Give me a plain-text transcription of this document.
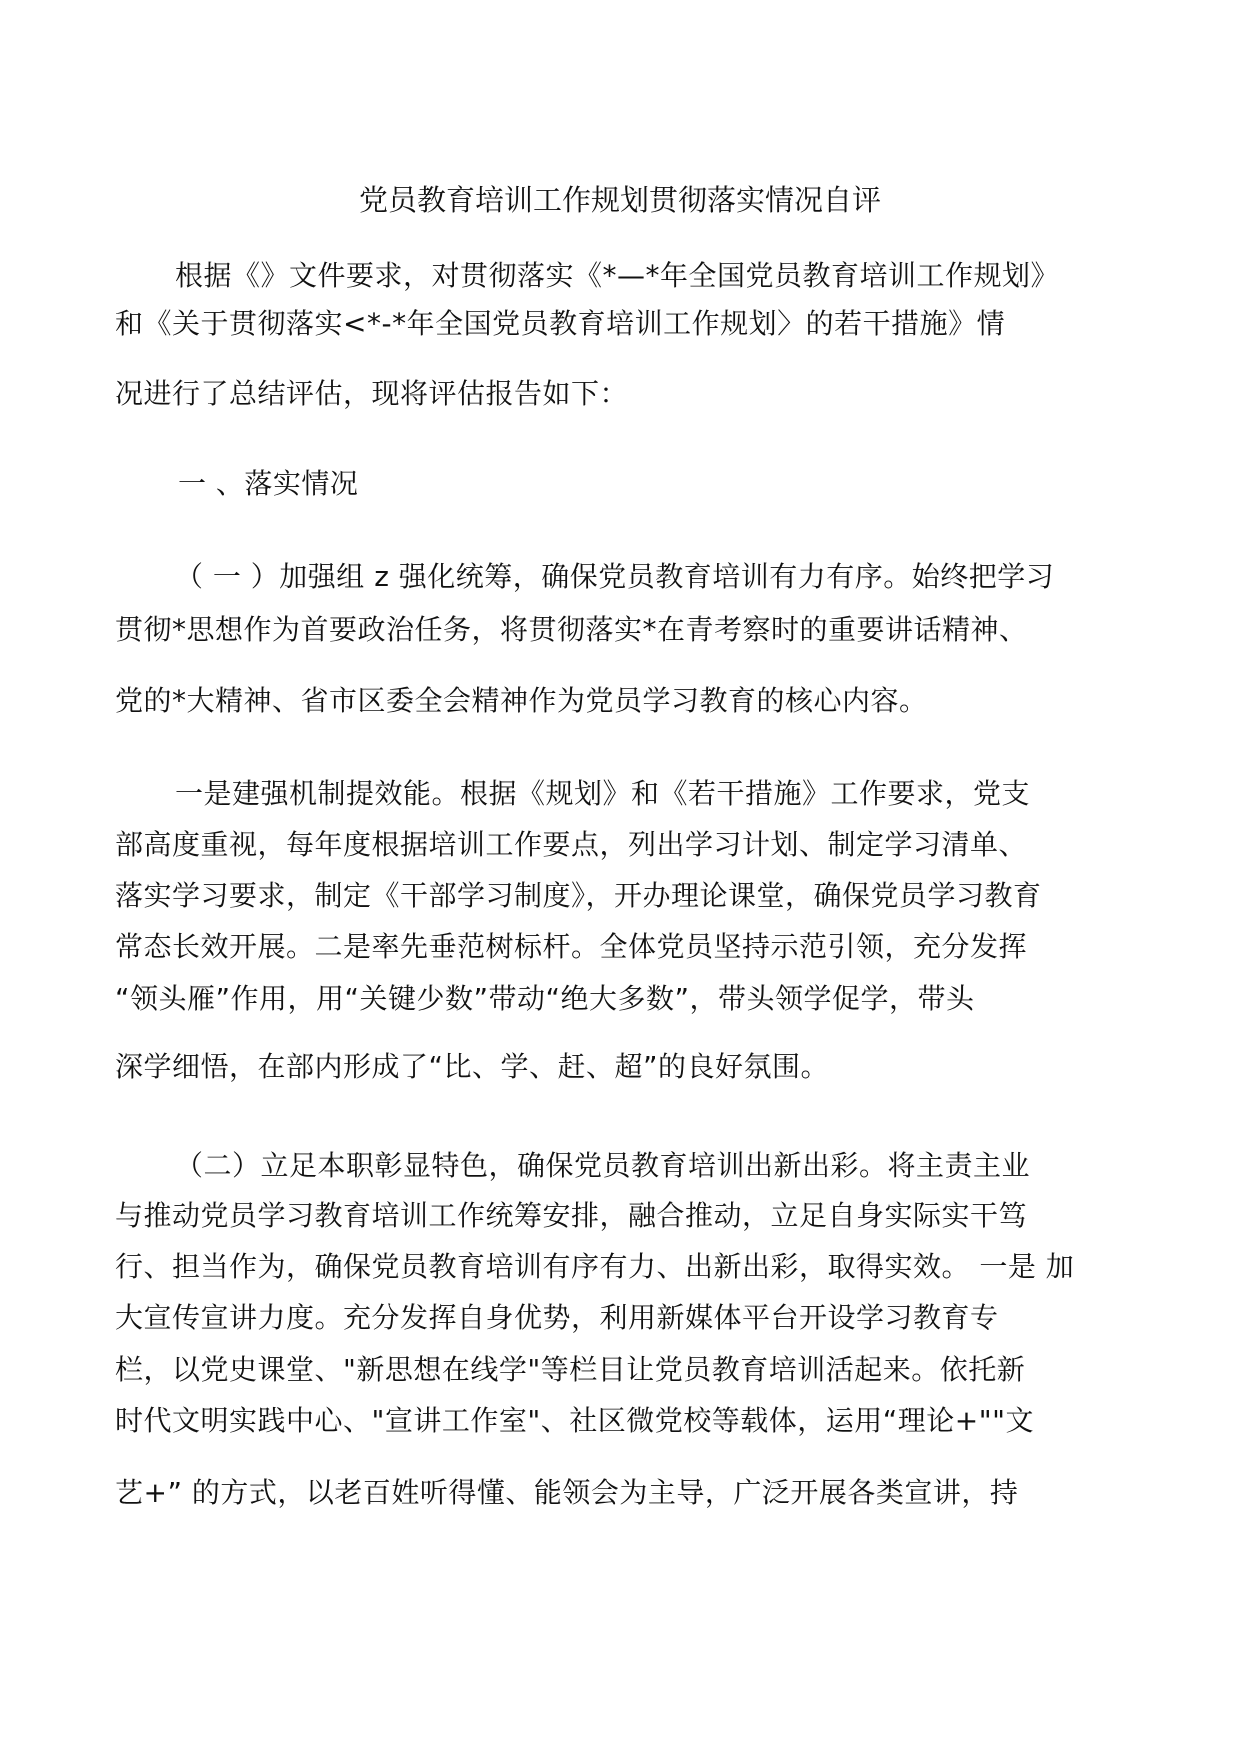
党员教育培训工作规划贯彻落实情况自评
根据《》文件要求，对贯彻落实《*—*年全国党员教育培训工作规划》
和《关于贯彻落实<*-*年全国党员教育培训工作规划〉的若干措施》情
况进行了总结评估，现将评估报告如下：
一 、落实情况
（ 一 ）加强组 z 强化统筹，确保党员教育培训有力有序。始终把学习
贯彻*思想作为首要政治任务，将贯彻落实*在青考察时的重要讲话精神、
党的*大精神、省市区委全会精神作为党员学习教育的核心内容。
一是建强机制提效能。根据《规划》和《若干措施》工作要求，党支
部高度重视，每年度根据培训工作要点，列出学习计划、制定学习清单、
落实学习要求，制定《干部学习制度》，开办理论课堂，确保党员学习教育
常态长效开展。二是率先垂范树标杆。全体党员坚持示范引领，充分发挥
“领头雁”作用，用“关键少数”带动“绝大多数”，带头领学促学，带头
深学细悟，在部内形成了“比、学、赶、超”的良好氛围。
（二）立足本职彰显特色，确保党员教育培训出新出彩。将主责主业
与推动党员学习教育培训工作统筹安排，融合推动，立足自身实际实干笃
行、担当作为，确保党员教育培训有序有力、出新出彩，取得实效。 一是 加
大宣传宣讲力度。充分发挥自身优势，利用新媒体平台开设学习教育专
栏，以党史课堂、"新思想在线学"等栏目让党员教育培训活起来。依托新
时代文明实践中心、"宣讲工作室"、社区微党校等载体，运用“理论+""文
艺+” 的方式，以老百姓听得懂、能领会为主导，广泛开展各类宣讲，持
